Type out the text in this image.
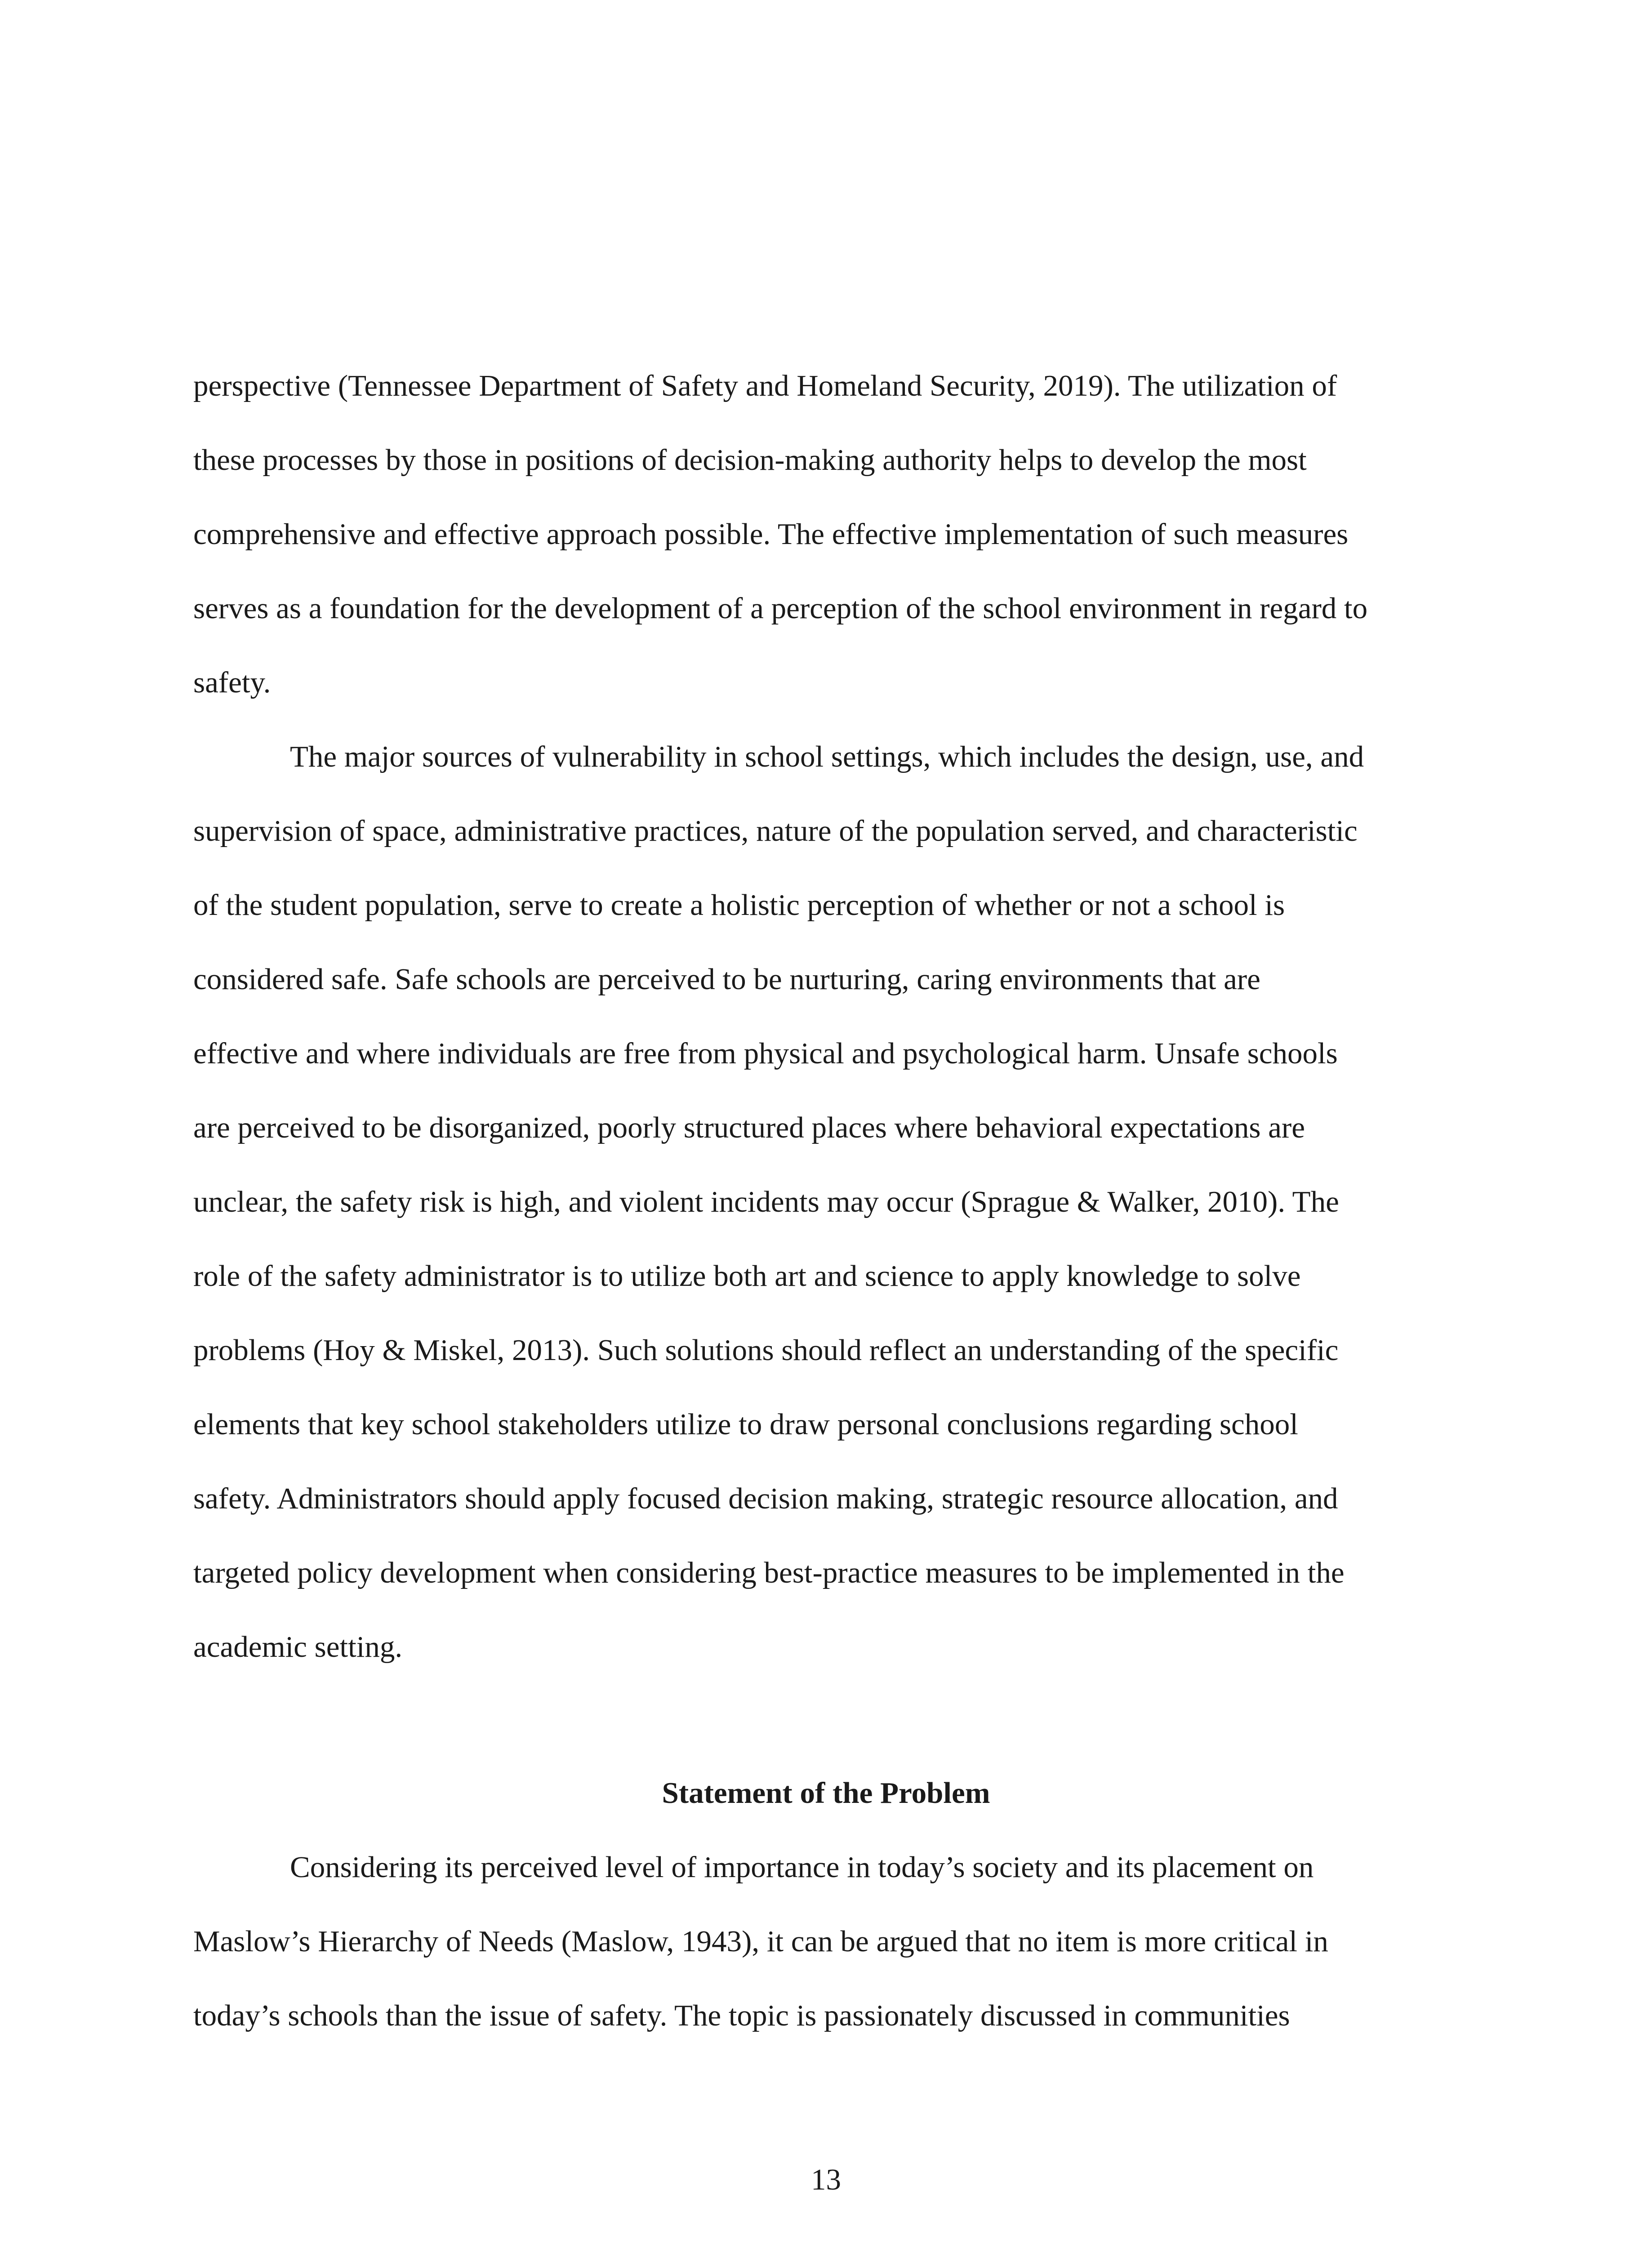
perspective (Tennessee Department of Safety and Homeland Security, 2019). The utilization of

these processes by those in positions of decision-making authority helps to develop the most

comprehensive and effective approach possible. The effective implementation of such measures

serves as a foundation for the development of a perception of the school environment in regard to

safety.

The major sources of vulnerability in school settings, which includes the design, use, and

supervision of space, administrative practices, nature of the population served, and characteristic

of the student population, serve to create a holistic perception of whether or not a school is

considered safe. Safe schools are perceived to be nurturing, caring environments that are

effective and where individuals are free from physical and psychological harm. Unsafe schools

are perceived to be disorganized, poorly structured places where behavioral expectations are

unclear, the safety risk is high, and violent incidents may occur (Sprague & Walker, 2010). The

role of the safety administrator is to utilize both art and science to apply knowledge to solve

problems (Hoy & Miskel, 2013). Such solutions should reflect an understanding of the specific

elements that key school stakeholders utilize to draw personal conclusions regarding school

safety. Administrators should apply focused decision making, strategic resource allocation, and

targeted policy development when considering best-practice measures to be implemented in the

academic setting.

Statement of the Problem

Considering its perceived level of importance in today’s society and its placement on

Maslow’s Hierarchy of Needs (Maslow, 1943), it can be argued that no item is more critical in

today’s schools than the issue of safety. The topic is passionately discussed in communities

13
